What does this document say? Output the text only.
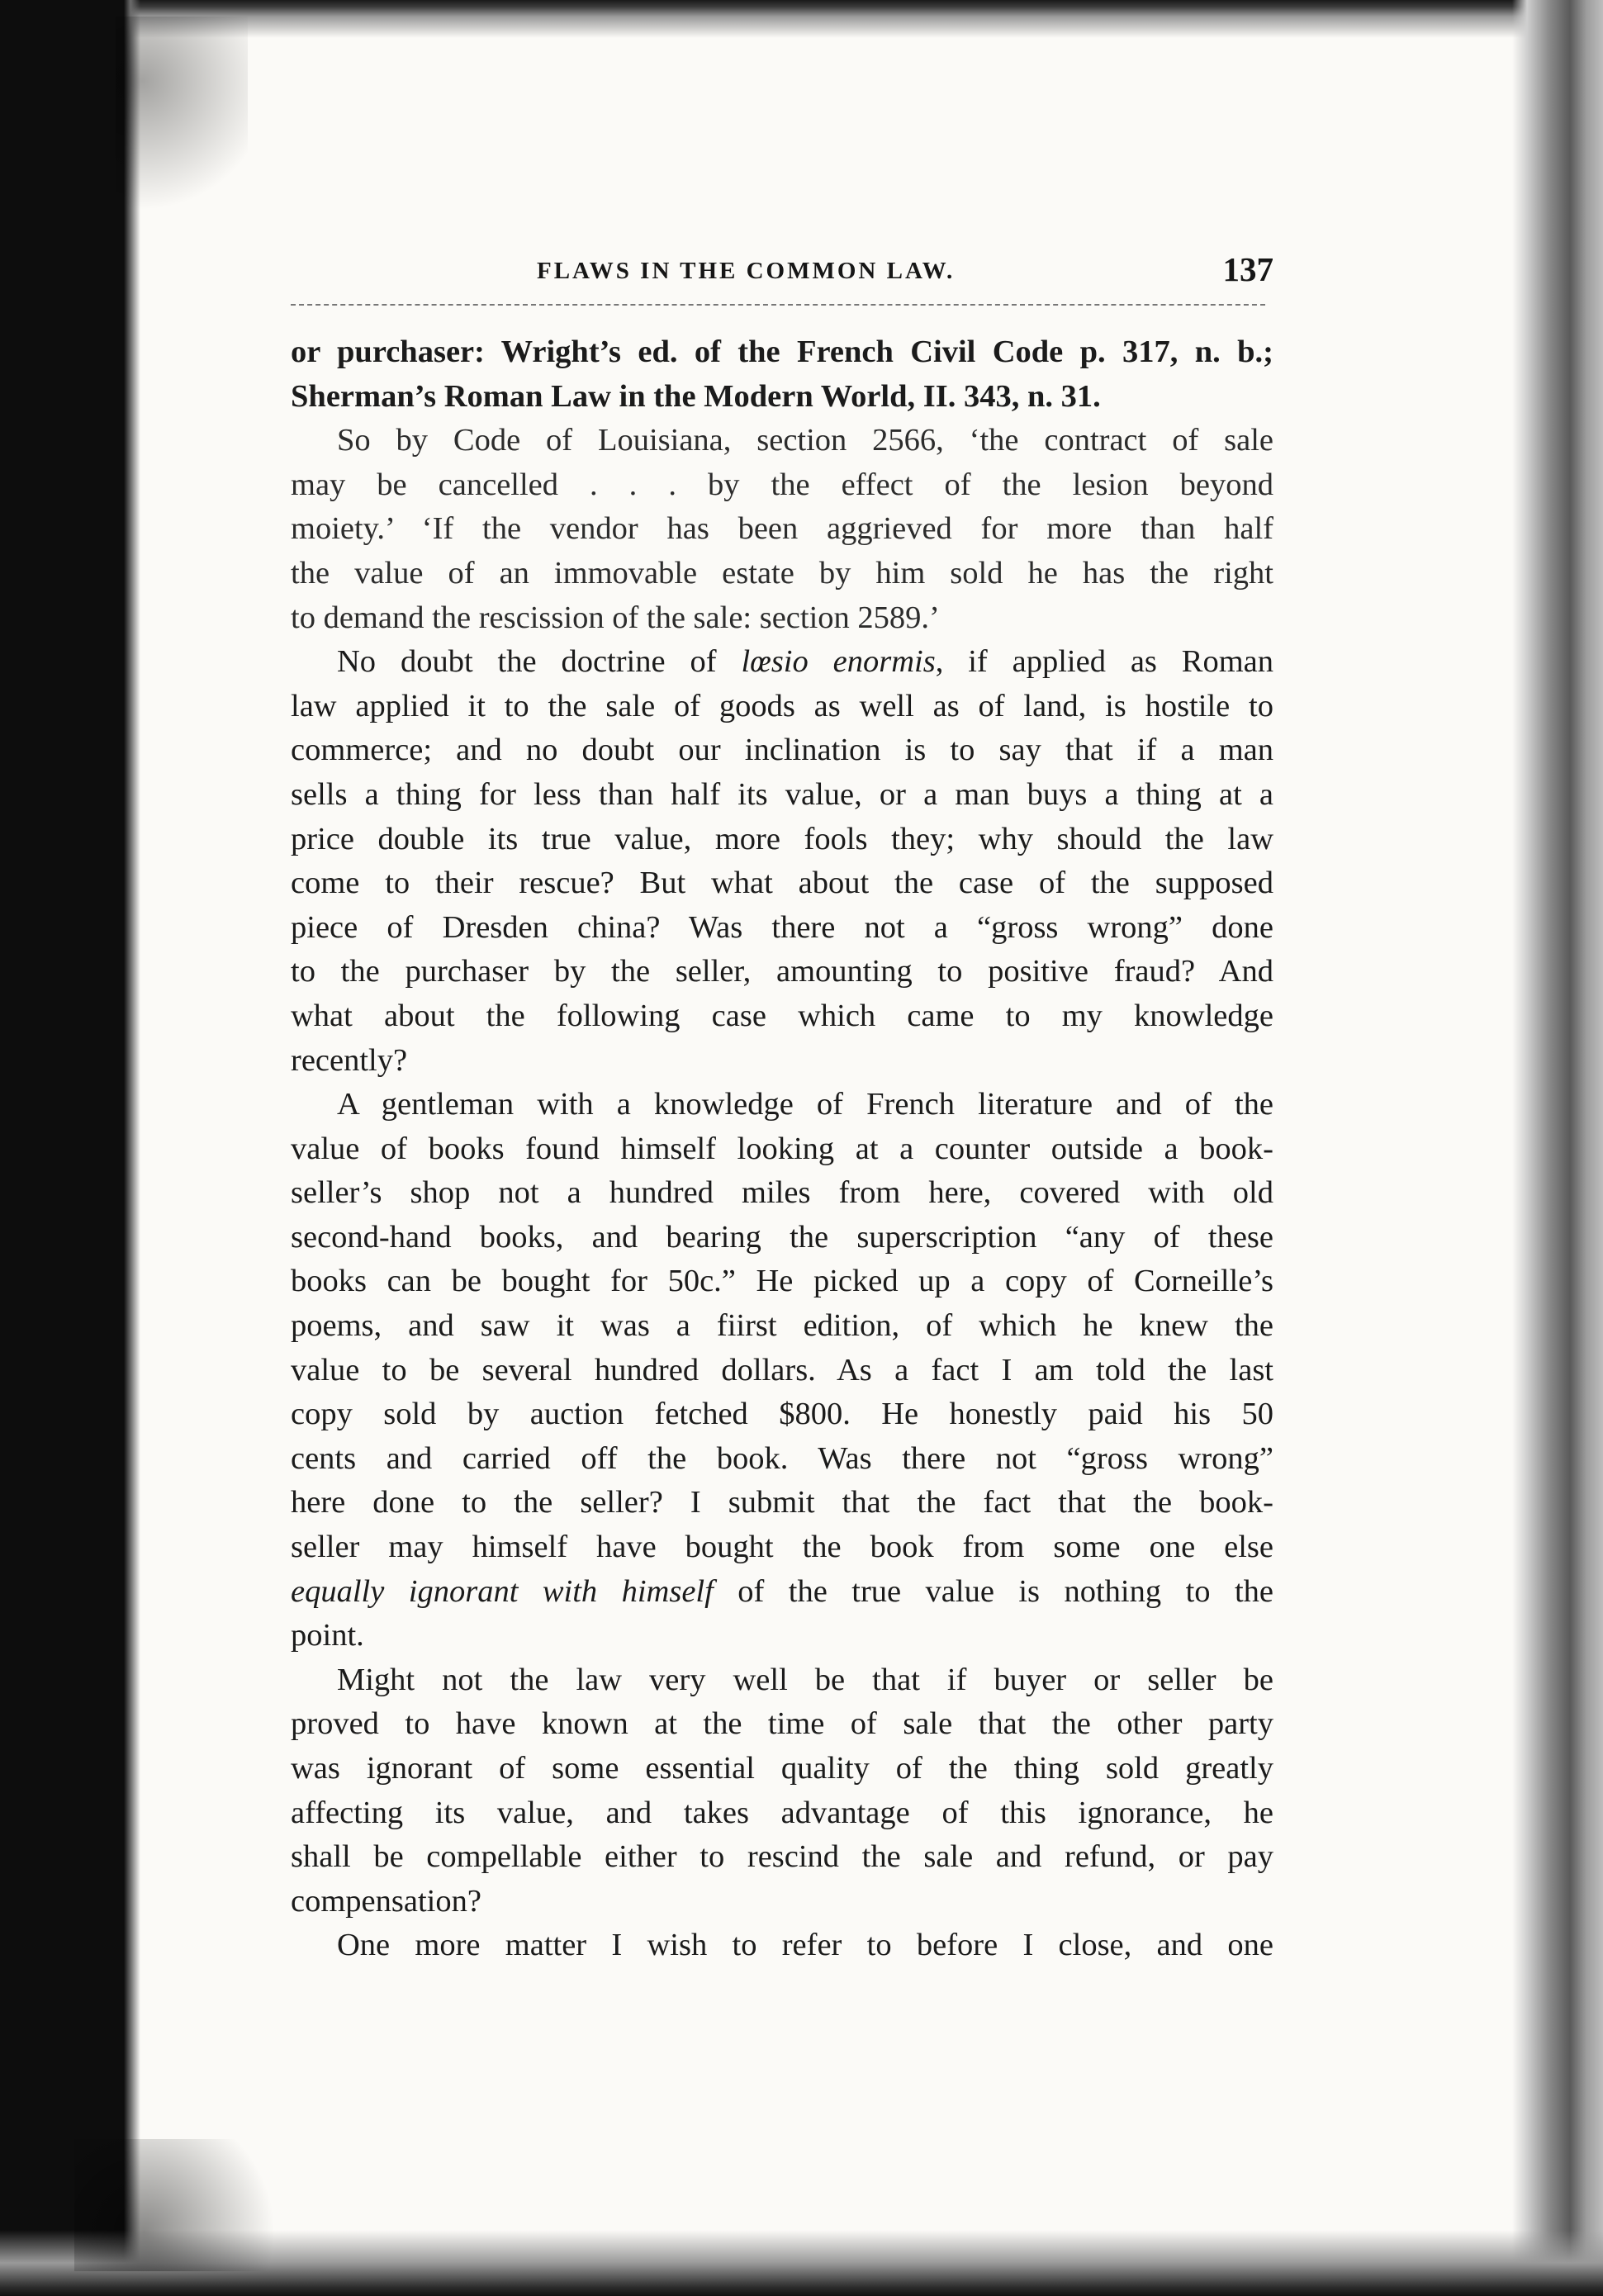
FLAWS IN THE COMMON LAW.	137

or purchaser: Wright’s ed. of the French Civil Code p. 317, n. b.;
Sherman’s Roman Law in the Modern World, II. 343, n. 31.

So by Code of Louisiana, section 2566, ‘the contract of sale
may be cancelled . . . by the effect of the lesion beyond
moiety.’ ‘If the vendor has been aggrieved for more than half
the value of an immovable estate by him sold he has the right
to demand the rescission of the sale: section 2589.’

No doubt the doctrine of lœsio enormis, if applied as Roman
law applied it to the sale of goods as well as of land, is hostile to
commerce; and no doubt our inclination is to say that if a man
sells a thing for less than half its value, or a man buys a thing at a
price double its true value, more fools they; why should the law
come to their rescue? But what about the case of the supposed
piece of Dresden china? Was there not a “gross wrong” done
to the purchaser by the seller, amounting to positive fraud? And
what about the following case which came to my knowledge
recently?

A gentleman with a knowledge of French literature and of the
value of books found himself looking at a counter outside a book-
seller’s shop not a hundred miles from here, covered with old
second-hand books, and bearing the superscription “any of these
books can be bought for 50c.” He picked up a copy of Corneille’s
poems, and saw it was a fiirst edition, of which he knew the
value to be several hundred dollars. As a fact I am told the last
copy sold by auction fetched $800. He honestly paid his 50
cents and carried off the book. Was there not “gross wrong”
here done to the seller? I submit that the fact that the book-
seller may himself have bought the book from some one else
equally ignorant with himself of the true value is nothing to the
point.

Might not the law very well be that if buyer or seller be
proved to have known at the time of sale that the other party
was ignorant of some essential quality of the thing sold greatly
affecting its value, and takes advantage of this ignorance, he
shall be compellable either to rescind the sale and refund, or pay
compensation?

One more matter I wish to refer to before I close, and one
